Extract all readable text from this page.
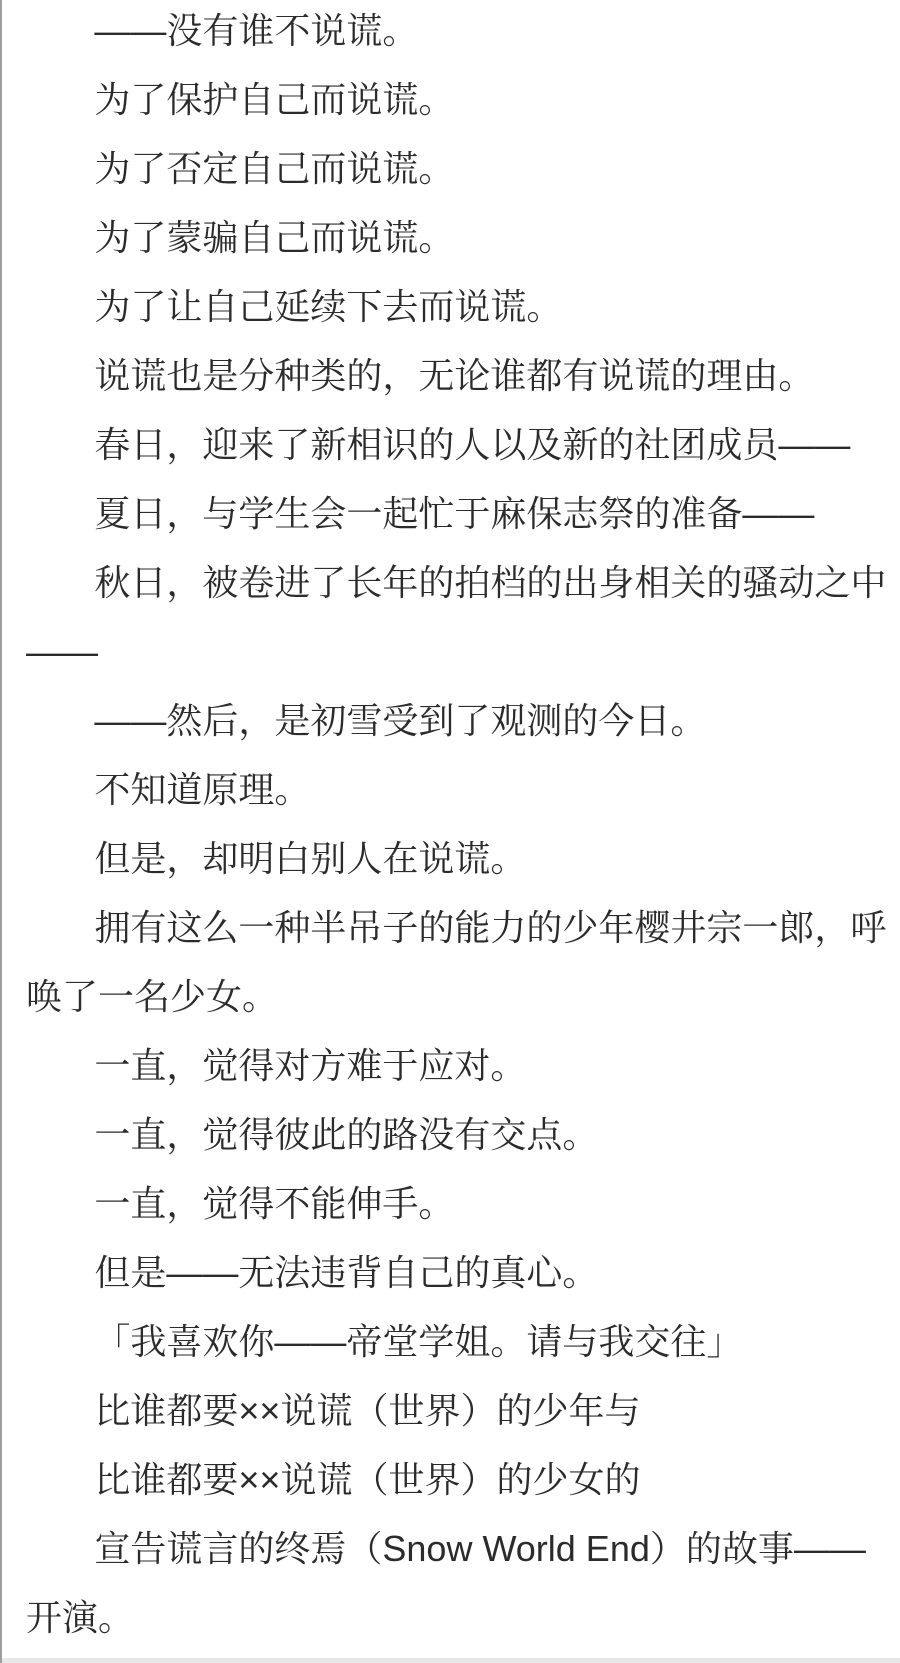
——没有谁不说谎。

为了保护自己而说谎。

为了否定自己而说谎。

为了蒙骗自己而说谎。

为了让自己延续下去而说谎。

说谎也是分种类的，无论谁都有说谎的理由。

春日，迎来了新相识的人以及新的社团成员——

夏日，与学生会一起忙于麻保志祭的准备——

秋日，被卷进了长年的拍档的出身相关的骚动之中——

——然后，是初雪受到了观测的今日。

不知道原理。

但是，却明白别人在说谎。

拥有这么一种半吊子的能力的少年樱井宗一郎，呼唤了一名少女。

一直，觉得对方难于应对。

一直，觉得彼此的路没有交点。

一直，觉得不能伸手。

但是——无法违背自己的真心。

「我喜欢你——帝堂学姐。请与我交往」

比谁都要××说谎（世界）的少年与

比谁都要××说谎（世界）的少女的

宣告谎言的终焉（Snow World End）的故事——开演。
